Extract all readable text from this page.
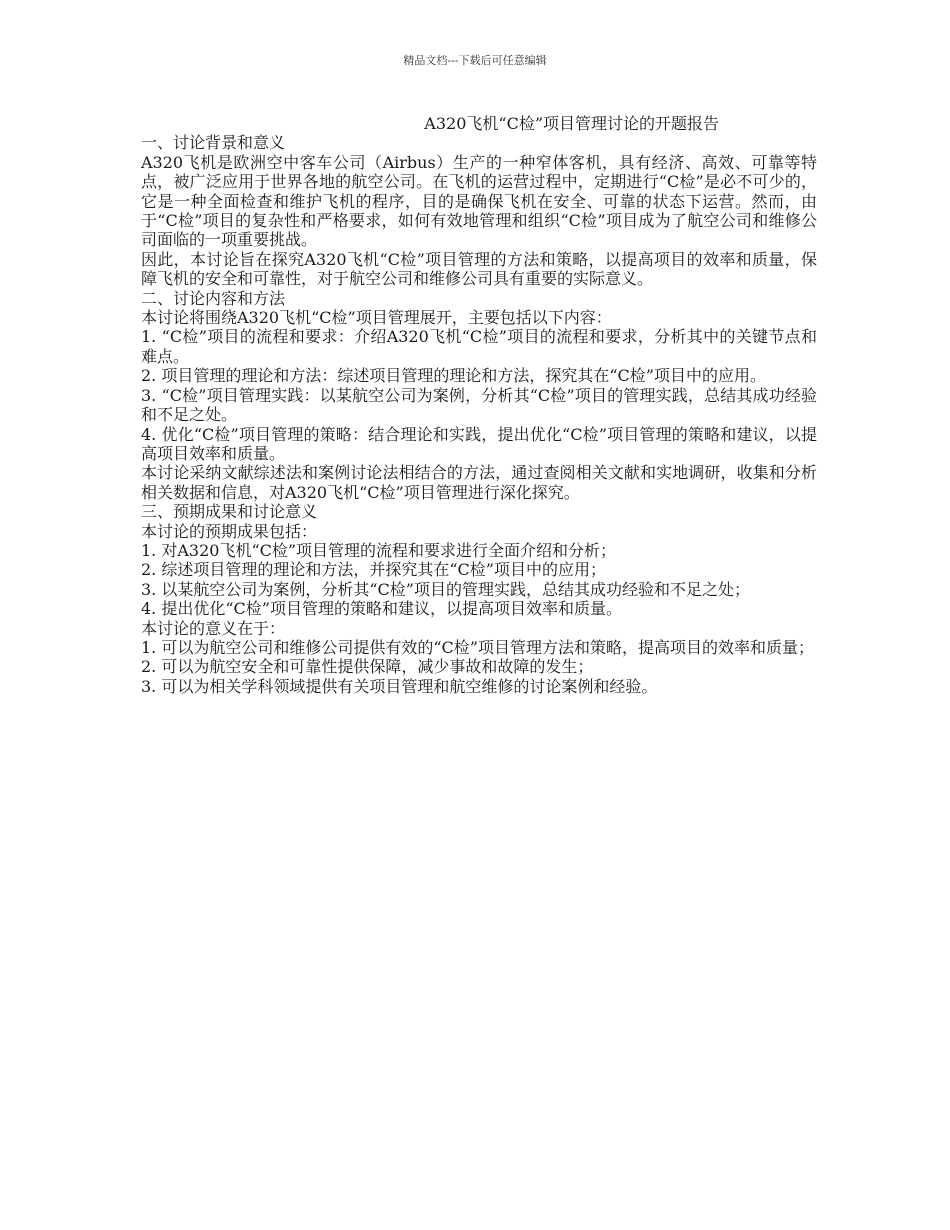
精品文档---下载后可任意编辑

A320飞机“C检”项目管理讨论的开题报告

一、讨论背景和意义

A320飞机是欧洲空中客车公司（Airbus）生产的一种窄体客机，具有经济、高效、可靠等特点，被广泛应用于世界各地的航空公司。在飞机的运营过程中，定期进行“C检”是必不可少的，它是一种全面检查和维护飞机的程序，目的是确保飞机在安全、可靠的状态下运营。然而，由于“C检”项目的复杂性和严格要求，如何有效地管理和组织“C检”项目成为了航空公司和维修公司面临的一项重要挑战。

因此，本讨论旨在探究A320飞机“C检”项目管理的方法和策略，以提高项目的效率和质量，保障飞机的安全和可靠性，对于航空公司和维修公司具有重要的实际意义。

二、讨论内容和方法

本讨论将围绕A320飞机“C检”项目管理展开，主要包括以下内容：

1. “C检”项目的流程和要求：介绍A320飞机“C检”项目的流程和要求，分析其中的关键节点和难点。

2. 项目管理的理论和方法：综述项目管理的理论和方法，探究其在“C检”项目中的应用。

3. “C检”项目管理实践：以某航空公司为案例，分析其“C检”项目的管理实践，总结其成功经验和不足之处。

4. 优化“C检”项目管理的策略：结合理论和实践，提出优化“C检”项目管理的策略和建议，以提高项目效率和质量。

本讨论采纳文献综述法和案例讨论法相结合的方法，通过查阅相关文献和实地调研，收集和分析相关数据和信息，对A320飞机“C检”项目管理进行深化探究。

三、预期成果和讨论意义

本讨论的预期成果包括：

1. 对A320飞机“C检”项目管理的流程和要求进行全面介绍和分析；

2. 综述项目管理的理论和方法，并探究其在“C检”项目中的应用；

3. 以某航空公司为案例，分析其“C检”项目的管理实践，总结其成功经验和不足之处；

4. 提出优化“C检”项目管理的策略和建议，以提高项目效率和质量。

本讨论的意义在于：

1. 可以为航空公司和维修公司提供有效的“C检”项目管理方法和策略，提高项目的效率和质量；

2. 可以为航空安全和可靠性提供保障，减少事故和故障的发生；

3. 可以为相关学科领域提供有关项目管理和航空维修的讨论案例和经验。
